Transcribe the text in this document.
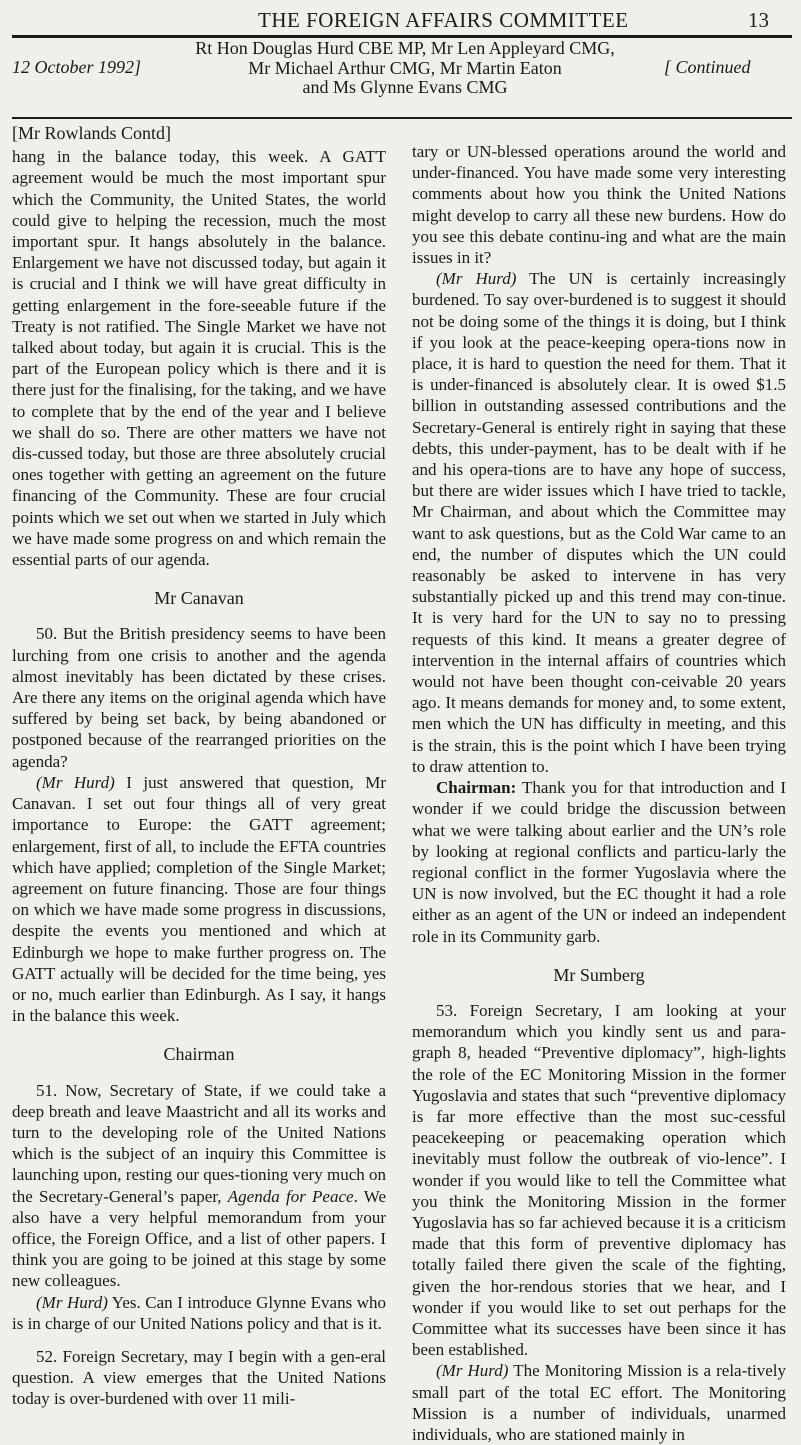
THE FOREIGN AFFAIRS COMMITTEE	13
12 October 1992]
Rt Hon Douglas Hurd CBE MP, Mr Len Appleyard CMG,
Mr Michael Arthur CMG, Mr Martin Eaton
and Ms Glynne Evans CMG
[ Continued
[Mr Rowlands Contd]

hang in the balance today, this week. A GATT agreement would be much the most important spur which the Community, the United States, the world could give to helping the recession, much the most important spur. It hangs absolutely in the balance. Enlargement we have not discussed today, but again it is crucial and I think we will have great difficulty in getting enlargement in the fore-seeable future if the Treaty is not ratified. The Single Market we have not talked about today, but again it is crucial. This is the part of the European policy which is there and it is there just for the finalising, for the taking, and we have to complete that by the end of the year and I believe we shall do so. There are other matters we have not dis-cussed today, but those are three absolutely crucial ones together with getting an agreement on the future financing of the Community. These are four crucial points which we set out when we started in July which we have made some progress on and which remain the essential parts of our agenda.

Mr Canavan

50. But the British presidency seems to have been lurching from one crisis to another and the agenda almost inevitably has been dictated by these crises. Are there any items on the original agenda which have suffered by being set back, by being abandoned or postponed because of the rearranged priorities on the agenda?

(Mr Hurd) I just answered that question, Mr Canavan. I set out four things all of very great importance to Europe: the GATT agreement; enlargement, first of all, to include the EFTA countries which have applied; completion of the Single Market; agreement on future financing. Those are four things on which we have made some progress in discussions, despite the events you mentioned and which at Edinburgh we hope to make further progress on. The GATT actually will be decided for the time being, yes or no, much earlier than Edinburgh. As I say, it hangs in the balance this week.

Chairman

51. Now, Secretary of State, if we could take a deep breath and leave Maastricht and all its works and turn to the developing role of the United Nations which is the subject of an inquiry this Committee is launching upon, resting our ques-tioning very much on the Secretary-General’s paper, Agenda for Peace. We also have a very helpful memorandum from your office, the Foreign Office, and a list of other papers. I think you are going to be joined at this stage by some new colleagues.

(Mr Hurd) Yes. Can I introduce Glynne Evans who is in charge of our United Nations policy and that is it.

52. Foreign Secretary, may I begin with a gen-eral question. A view emerges that the United Nations today is over-burdened with over 11 mili-

tary or UN-blessed operations around the world and under-financed. You have made some very interesting comments about how you think the United Nations might develop to carry all these new burdens. How do you see this debate continu-ing and what are the main issues in it?

(Mr Hurd) The UN is certainly increasingly burdened. To say over-burdened is to suggest it should not be doing some of the things it is doing, but I think if you look at the peace-keeping opera-tions now in place, it is hard to question the need for them. That it is under-financed is absolutely clear. It is owed $1.5 billion in outstanding assessed contributions and the Secretary-General is entirely right in saying that these debts, this under-payment, has to be dealt with if he and his opera-tions are to have any hope of success, but there are wider issues which I have tried to tackle, Mr Chairman, and about which the Committee may want to ask questions, but as the Cold War came to an end, the number of disputes which the UN could reasonably be asked to intervene in has very substantially picked up and this trend may con-tinue. It is very hard for the UN to say no to pressing requests of this kind. It means a greater degree of intervention in the internal affairs of countries which would not have been thought con-ceivable 20 years ago. It means demands for money and, to some extent, men which the UN has difficulty in meeting, and this is the strain, this is the point which I have been trying to draw attention to.

Chairman: Thank you for that introduction and I wonder if we could bridge the discussion between what we were talking about earlier and the UN’s role by looking at regional conflicts and particu-larly the regional conflict in the former Yugoslavia where the UN is now involved, but the EC thought it had a role either as an agent of the UN or indeed an independent role in its Community garb.

Mr Sumberg

53. Foreign Secretary, I am looking at your memorandum which you kindly sent us and para-graph 8, headed “Preventive diplomacy”, high-lights the role of the EC Monitoring Mission in the former Yugoslavia and states that such “preventive diplomacy is far more effective than the most suc-cessful peacekeeping or peacemaking operation which inevitably must follow the outbreak of vio-lence”. I wonder if you would like to tell the Committee what you think the Monitoring Mission in the former Yugoslavia has so far achieved because it is a criticism made that this form of preventive diplomacy has totally failed there given the scale of the fighting, given the hor-rendous stories that we hear, and I wonder if you would like to set out perhaps for the Committee what its successes have been since it has been established.

(Mr Hurd) The Monitoring Mission is a rela-tively small part of the total EC effort. The Monitoring Mission is a number of individuals, unarmed individuals, who are stationed mainly in
